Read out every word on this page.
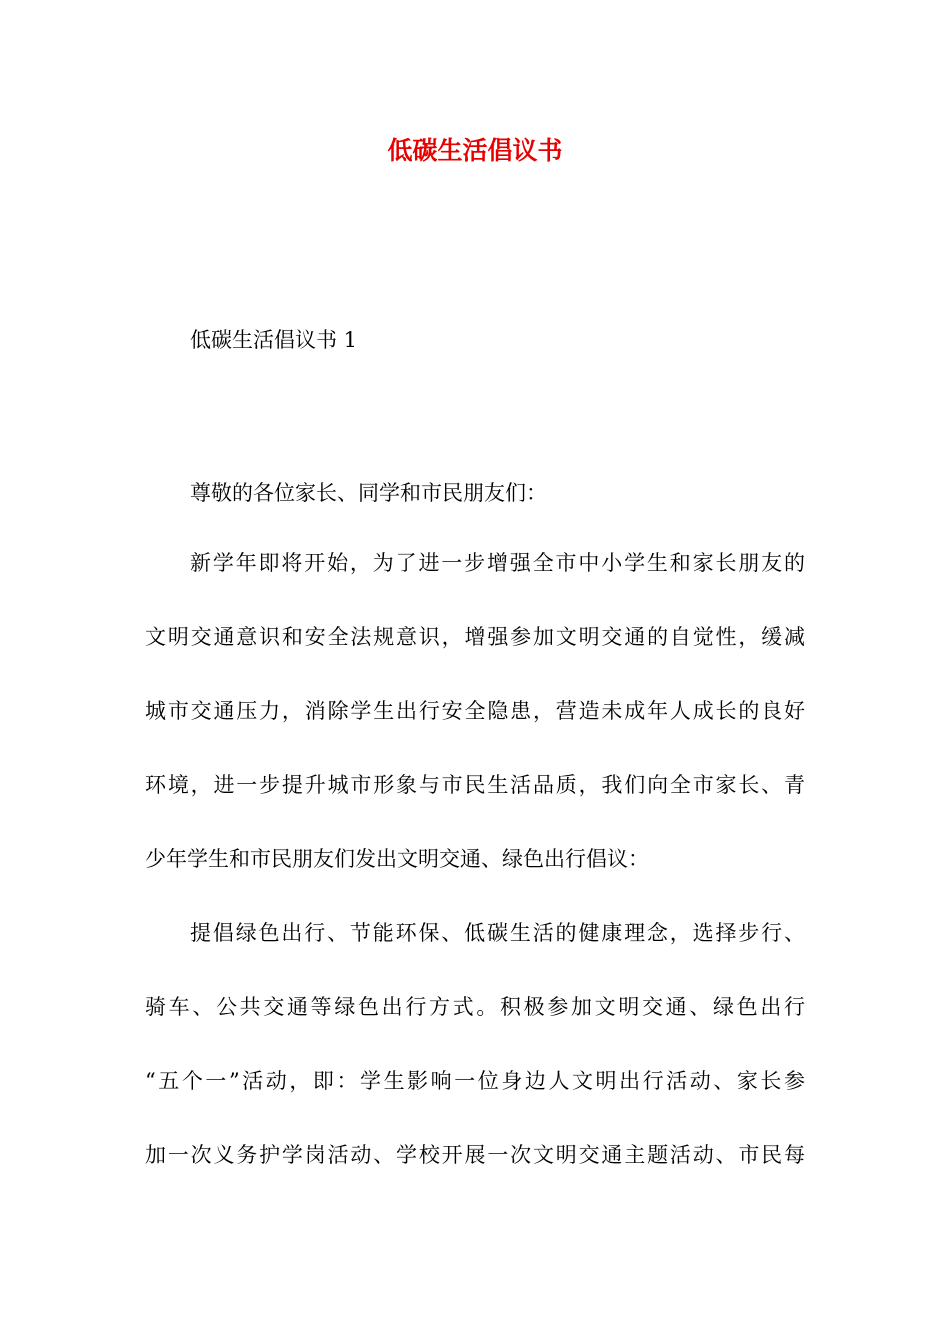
低碳生活倡议书
低碳生活倡议书 1
尊敬的各位家长、同学和市民朋友们：
新学年即将开始，为了进一步增强全市中小学生和家长朋友的
文明交通意识和安全法规意识，增强参加文明交通的自觉性，缓减
城市交通压力，消除学生出行安全隐患，营造未成年人成长的良好
环境，进一步提升城市形象与市民生活品质，我们向全市家长、青
少年学生和市民朋友们发出文明交通、绿色出行倡议：
提倡绿色出行、节能环保、低碳生活的健康理念，选择步行、
骑车、公共交通等绿色出行方式。积极参加文明交通、绿色出行
“五个一”活动，即：学生影响一位身边人文明出行活动、家长参
加一次义务护学岗活动、学校开展一次文明交通主题活动、市民每
